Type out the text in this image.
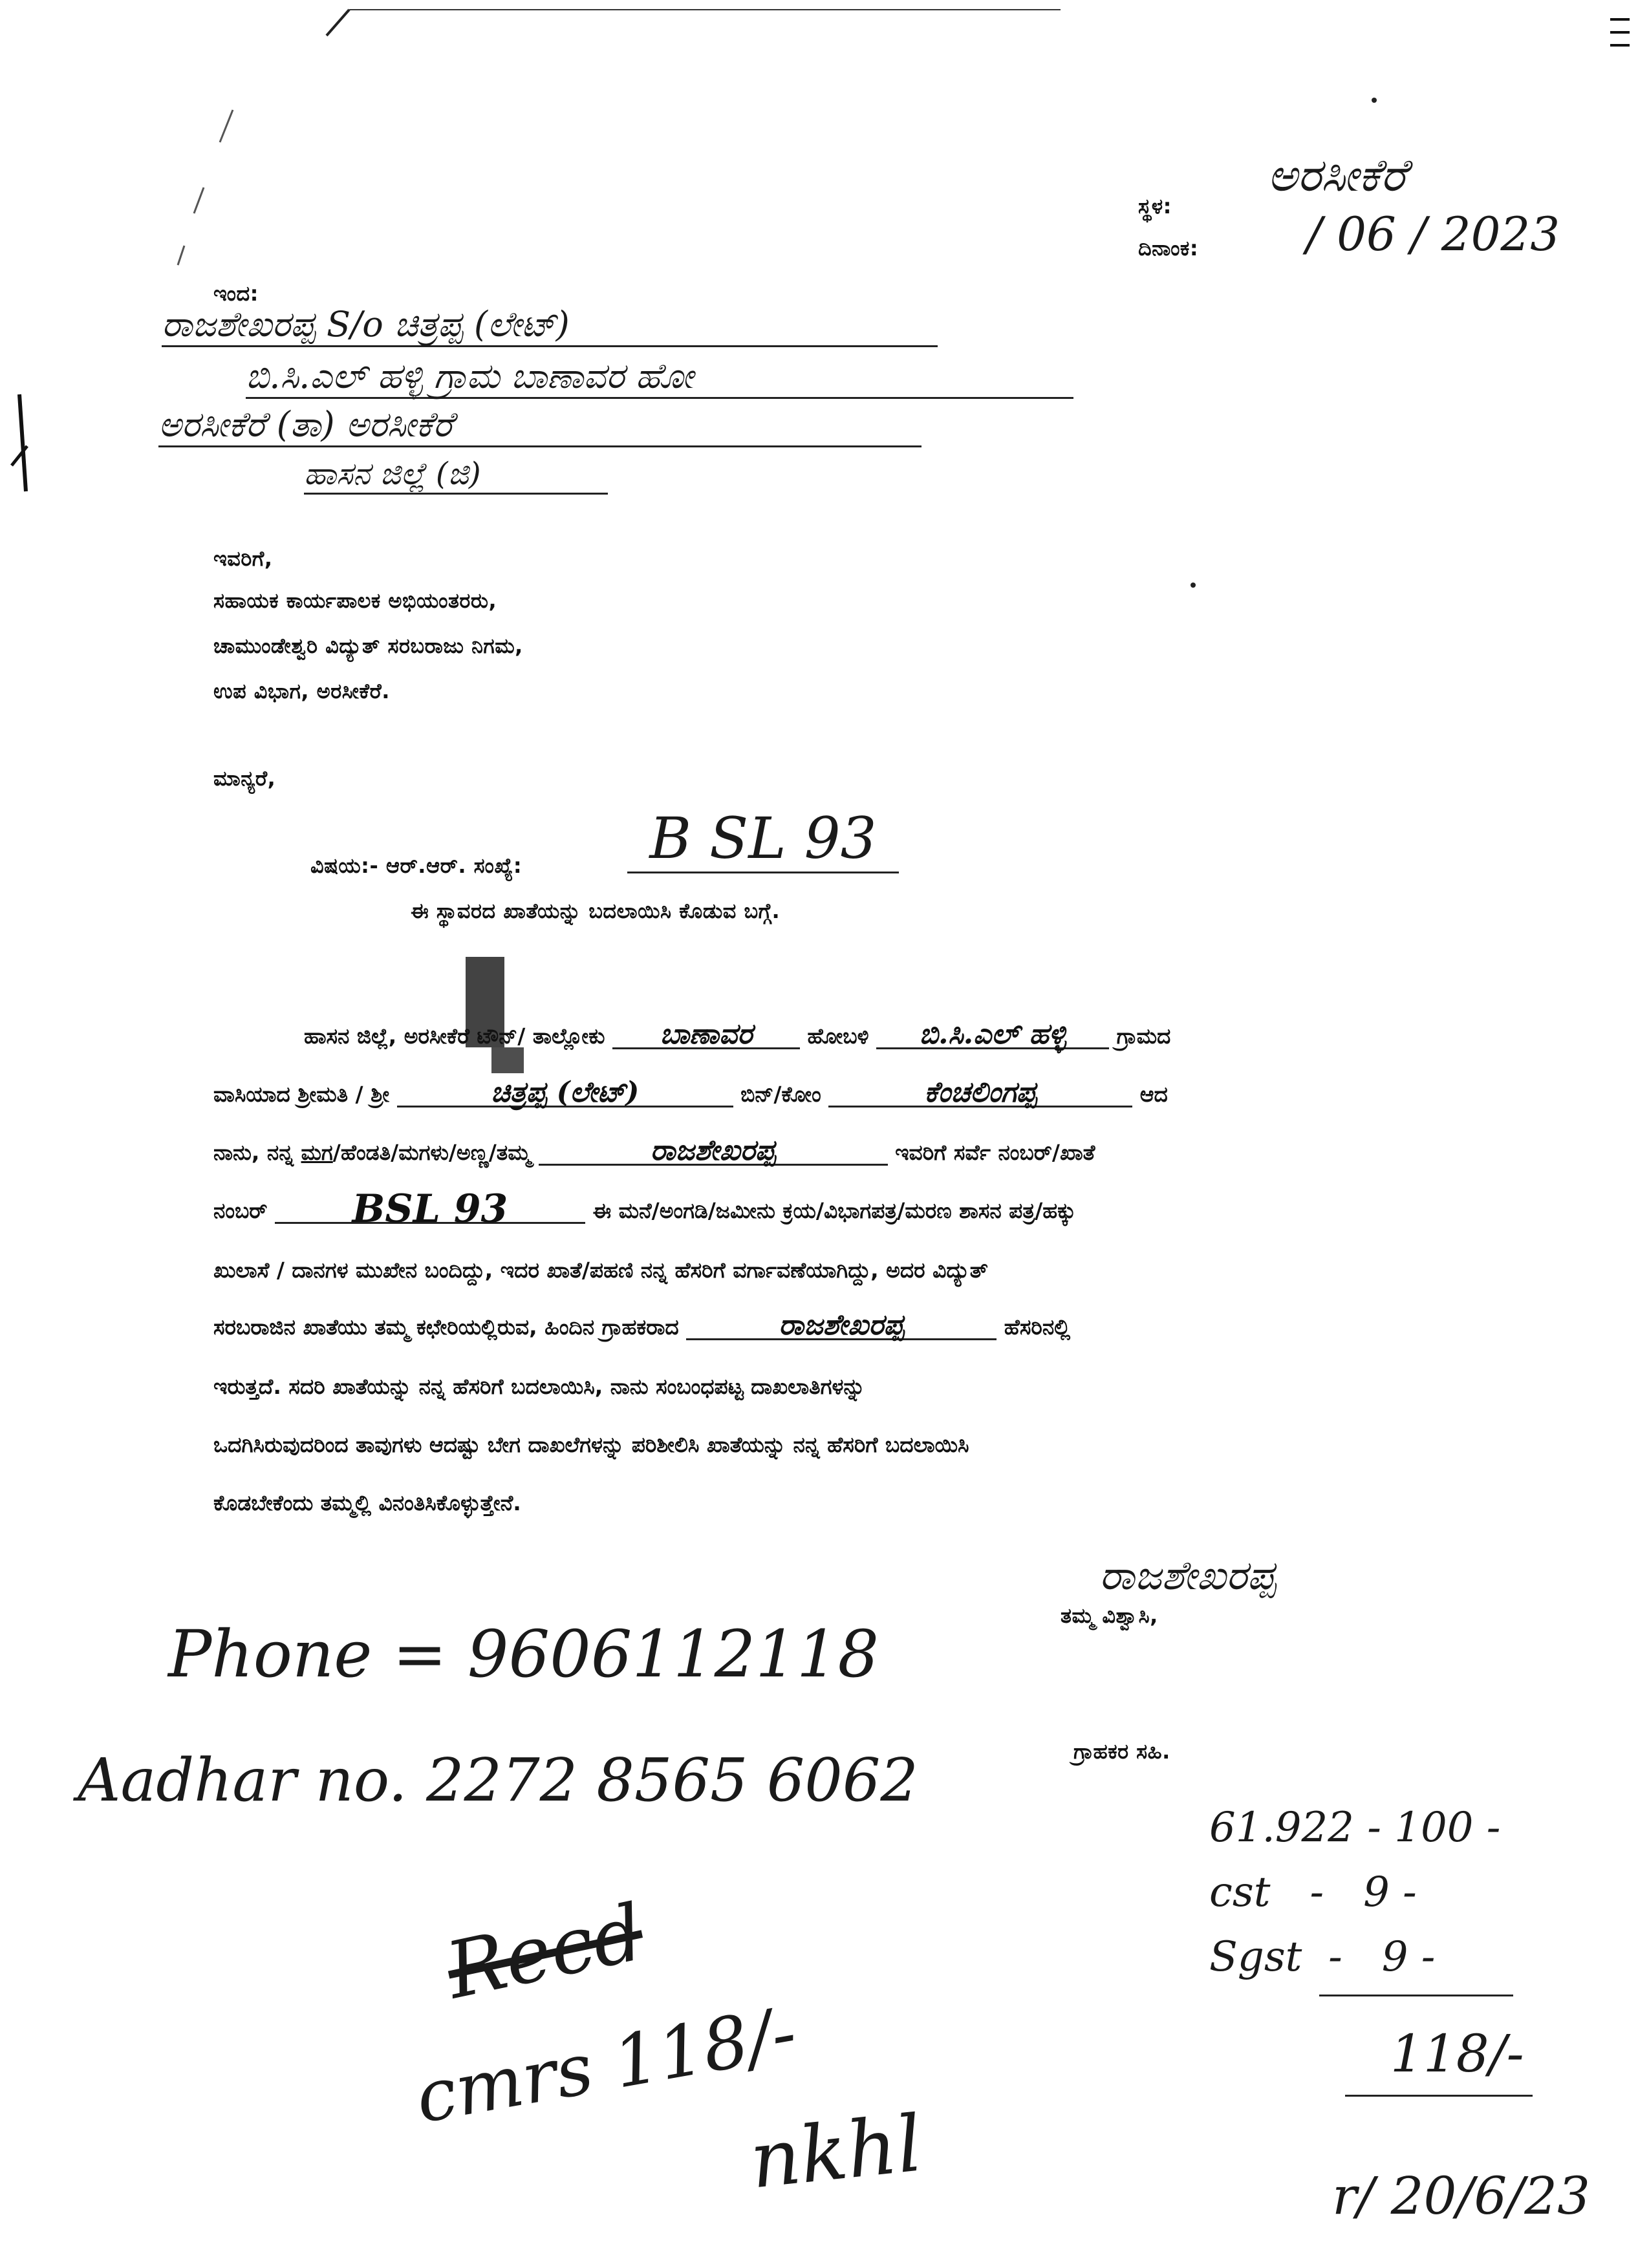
ಸ್ಥಳ:
ಅರಸೀಕೆರೆ
ದಿನಾಂಕ: / 06 / 2023
ಇಂದ:
ರಾಜಶೇಖರಪ್ಪ S/o ಚಿತ್ರಪ್ಪ (ಲೇಟ್)
ಬಿ.ಸಿ.ಎಲ್ ಹಳ್ಳಿ ಗ್ರಾಮ ಬಾಣಾವರ ಹೋ
ಅರಸೀಕೆರೆ (ತಾ) ಅರಸೀಕೆರೆ
ಹಾಸನ ಜಿಲ್ಲೆ (ಜಿ)
ಇವರಿಗೆ,
ಸಹಾಯಕ ಕಾರ್ಯಪಾಲಕ ಅಭಿಯಂತರರು,
ಚಾಮುಂಡೇಶ್ವರಿ ವಿದ್ಯುತ್ ಸರಬರಾಜು ನಿಗಮ,
ಉಪ ವಿಭಾಗ, ಅರಸೀಕೆರೆ.
ಮಾನ್ಯರೆ,
ವಿಷಯ:- ಆರ್.ಆರ್. ಸಂಖ್ಯೆ:	B SL 93
ಈ ಸ್ಥಾವರದ ಖಾತೆಯನ್ನು ಬದಲಾಯಿಸಿ ಕೊಡುವ ಬಗ್ಗೆ.
ಹಾಸನ ಜಿಲ್ಲೆ, ಅರಸೀಕೆರೆ ಟೌನ್/ ತಾಲ್ಲೋಕು ಬಾಣಾವರ	ಹೋಬಳಿ ಬಿ.ಸಿ.ಎಲ್ ಹಳ್ಳಿ ಗ್ರಾಮದ
ವಾಸಿಯಾದ ಶ್ರೀಮತಿ / ಶ್ರೀ	ಚಿತ್ರಪ್ಪ (ಲೇಟ್)	ಬಿನ್/ಕೋಂ	ಕೆಂಚಲಿಂಗಪ್ಪ	ಆದ
ನಾನು, ನನ್ನ ಮಗ/ಹೆಂಡತಿ/ಮಗಳು/ಅಣ್ಣ/ತಮ್ಮ	ರಾಜಶೇಖರಪ್ಪ	ಇವರಿಗೆ ಸರ್ವೆ ನಂಬರ್/ಖಾತೆ
ನಂಬರ್ BSL 93	ಈ ಮನೆ/ಅಂಗಡಿ/ಜಮೀನು ಕ್ರಯ/ವಿಭಾಗಪತ್ರ/ಮರಣ ಶಾಸನ ಪತ್ರ/ಹಕ್ಕು
ಖುಲಾಸೆ / ದಾನಗಳ ಮುಖೇನ ಬಂದಿದ್ದು, ಇದರ ಖಾತೆ/ಪಹಣಿ ನನ್ನ ಹೆಸರಿಗೆ ವರ್ಗಾವಣೆಯಾಗಿದ್ದು, ಅದರ ವಿದ್ಯುತ್
ಸರಬರಾಜಿನ ಖಾತೆಯು ತಮ್ಮ ಕಛೇರಿಯಲ್ಲಿರುವ, ಹಿಂದಿನ ಗ್ರಾಹಕರಾದ	ರಾಜಶೇಖರಪ್ಪ	ಹೆಸರಿನಲ್ಲಿ
ಇರುತ್ತದೆ. ಸದರಿ ಖಾತೆಯನ್ನು ನನ್ನ ಹೆಸರಿಗೆ ಬದಲಾಯಿಸಿ, ನಾನು ಸಂಬಂಧಪಟ್ಟ ದಾಖಲಾತಿಗಳನ್ನು
ಒದಗಿಸಿರುವುದರಿಂದ ತಾವುಗಳು ಆದಷ್ಟು ಬೇಗ ದಾಖಲೆಗಳನ್ನು ಪರಿಶೀಲಿಸಿ ಖಾತೆಯನ್ನು ನನ್ನ ಹೆಸರಿಗೆ ಬದಲಾಯಿಸಿ
ಕೊಡಬೇಕೆಂದು ತಮ್ಮಲ್ಲಿ ವಿನಂತಿಸಿಕೊಳ್ಳುತ್ತೇನೆ.
ರಾಜಶೇಖರಪ್ಪ
ತಮ್ಮ ವಿಶ್ವಾಸಿ,
ಗ್ರಾಹಕರ ಸಹಿ.
Phone = 9606112118
Aadhar no. 2272 8565 6062
61.922 - 100 -
cst   -   9 -
Sgst  -   9 -
118/-
r/ 20/6/23
Recd
cmrs 118/-
nkhl
